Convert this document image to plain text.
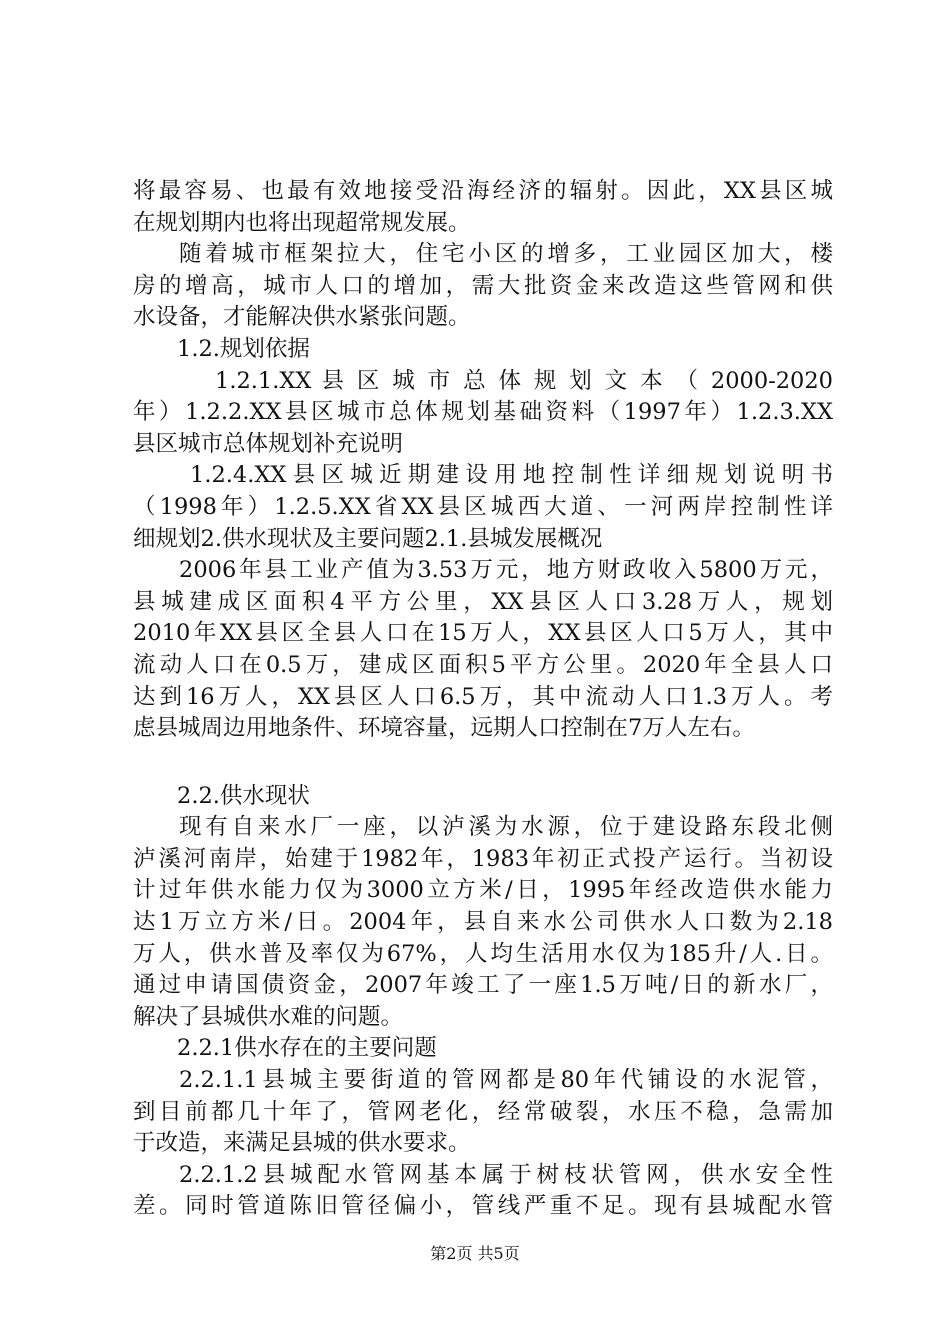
将最容易、也最有效地接受沿海经济的辐射。因此，XX县区城
在规划期内也将出现超常规发展。
随着城市框架拉大，住宅小区的增多，工业园区加大，楼
房的增高，城市人口的增加，需大批资金来改造这些管网和供
水设备，才能解决供水紧张问题。
1.2.规划依据
1.2.1.XX 县 区 城 市 总 体 规 划 文 本 （ 2000-2020
年）1.2.2.XX县区城市总体规划基础资料（1997年）1.2.3.XX
县区城市总体规划补充说明
1.2.4.XX县区城近期建设用地控制性详细规划说明书
（1998年）1.2.5.XX省XX县区城西大道、一河两岸控制性详
细规划2.供水现状及主要问题2.1.县城发展概况
2006年县工业产值为3.53万元，地方财政收入5800万元，
县城建成区面积4平方公里，XX县区人口3.28万人，规划
2010年XX县区全县人口在15万人，XX县区人口5万人，其中
流动人口在0.5万，建成区面积5平方公里。2020年全县人口
达到16万人，XX县区人口6.5万，其中流动人口1.3万人。考
虑县城周边用地条件、环境容量，远期人口控制在7万人左右。
2.2.供水现状
现有自来水厂一座，以泸溪为水源，位于建设路东段北侧
泸溪河南岸，始建于1982年，1983年初正式投产运行。当初设
计过年供水能力仅为3000立方米/日，1995年经改造供水能力
达1万立方米/日。2004年，县自来水公司供水人口数为2.18
万人，供水普及率仅为67%，人均生活用水仅为185升/人.日。
通过申请国债资金，2007年竣工了一座1.5万吨/日的新水厂，
解决了县城供水难的问题。
2.2.1供水存在的主要问题
2.2.1.1县城主要街道的管网都是80年代铺设的水泥管，
到目前都几十年了，管网老化，经常破裂，水压不稳，急需加
于改造，来满足县城的供水要求。
2.2.1.2县城配水管网基本属于树枝状管网，供水安全性
差。同时管道陈旧管径偏小，管线严重不足。现有县城配水管
第2页 共5页
